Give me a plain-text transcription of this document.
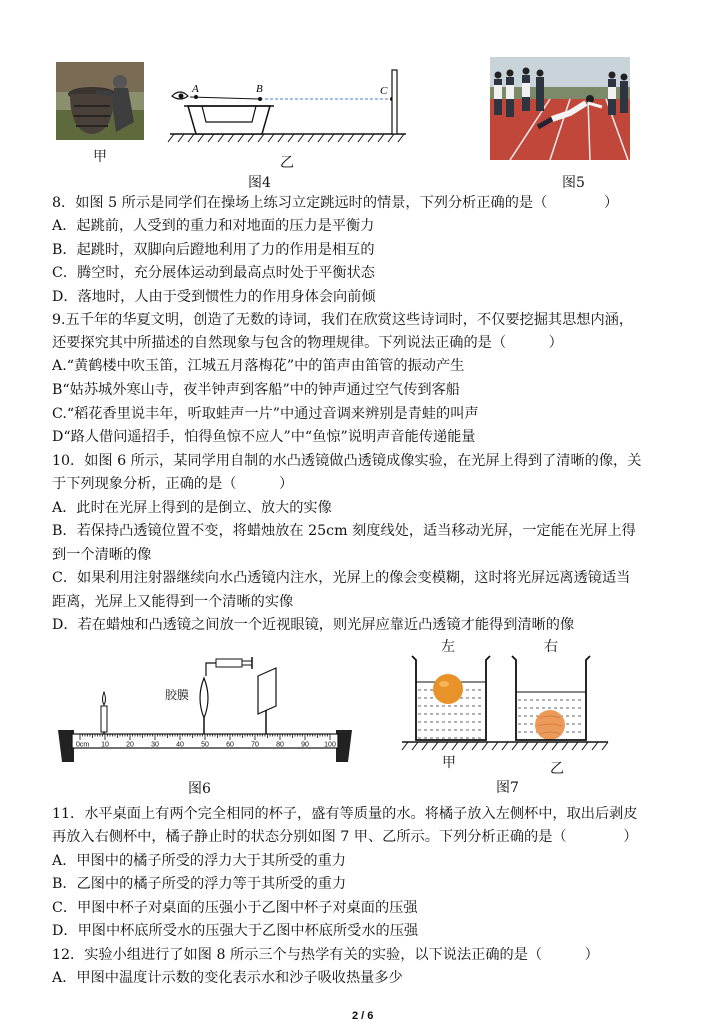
甲
A	B	C
乙
图4	图5
8．如图 5 所示是同学们在操场上练习立定跳远时的情景，下列分析正确的是（　　　　）
A．起跳前，人受到的重力和对地面的压力是平衡力
B．起跳时，双脚向后蹬地利用了力的作用是相互的
C．腾空时，充分展体运动到最高点时处于平衡状态
D．落地时，人由于受到惯性力的作用身体会向前倾
9.五千年的华夏文明，创造了无数的诗词，我们在欣赏这些诗词时，不仅要挖掘其思想内涵，
还要探究其中所描述的自然现象与包含的物理规律。下列说法正确的是（　　　）
A.“黄鹤楼中吹玉笛，江城五月落梅花”中的笛声由笛管的振动产生
B“姑苏城外寒山寺，夜半钟声到客船”中的钟声通过空气传到客船
C.“稻花香里说丰年，听取蛙声一片”中通过音调来辨别是青蛙的叫声
D“路人借问遥招手，怕得鱼惊不应人”中“鱼惊”说明声音能传递能量
10．如图 6 所示，某同学用自制的水凸透镜做凸透镜成像实验，在光屏上得到了清晰的像，关
于下列现象分析，正确的是（　　　）
A．此时在光屏上得到的是倒立、放大的实像
B．若保持凸透镜位置不变，将蜡烛放在 25cm 刻度线处，适当移动光屏，一定能在光屏上得
到一个清晰的像
C．如果利用注射器继续向水凸透镜内注水，光屏上的像会变模糊，这时将光屏远离透镜适当
距离，光屏上又能得到一个清晰的实像
D．若在蜡烛和凸透镜之间放一个近视眼镜，则光屏应靠近凸透镜才能得到清晰的像
0cm 10 20 30 40 50 60 70 80 90 100
胶膜
图6
左	右
甲	乙
图7
11．水平桌面上有两个完全相同的杯子，盛有等质量的水。将橘子放入左侧杯中，取出后剥皮
再放入右侧杯中，橘子静止时的状态分别如图 7 甲、乙所示。下列分析正确的是（　　　　）
A．甲图中的橘子所受的浮力大于其所受的重力
B．乙图中的橘子所受的浮力等于其所受的重力
C．甲图中杯子对桌面的压强小于乙图中杯子对桌面的压强
D．甲图中杯底所受水的压强大于乙图中杯底所受水的压强
12．实验小组进行了如图 8 所示三个与热学有关的实验，以下说法正确的是（　　　）
A．甲图中温度计示数的变化表示水和沙子吸收热量多少
2 / 6
